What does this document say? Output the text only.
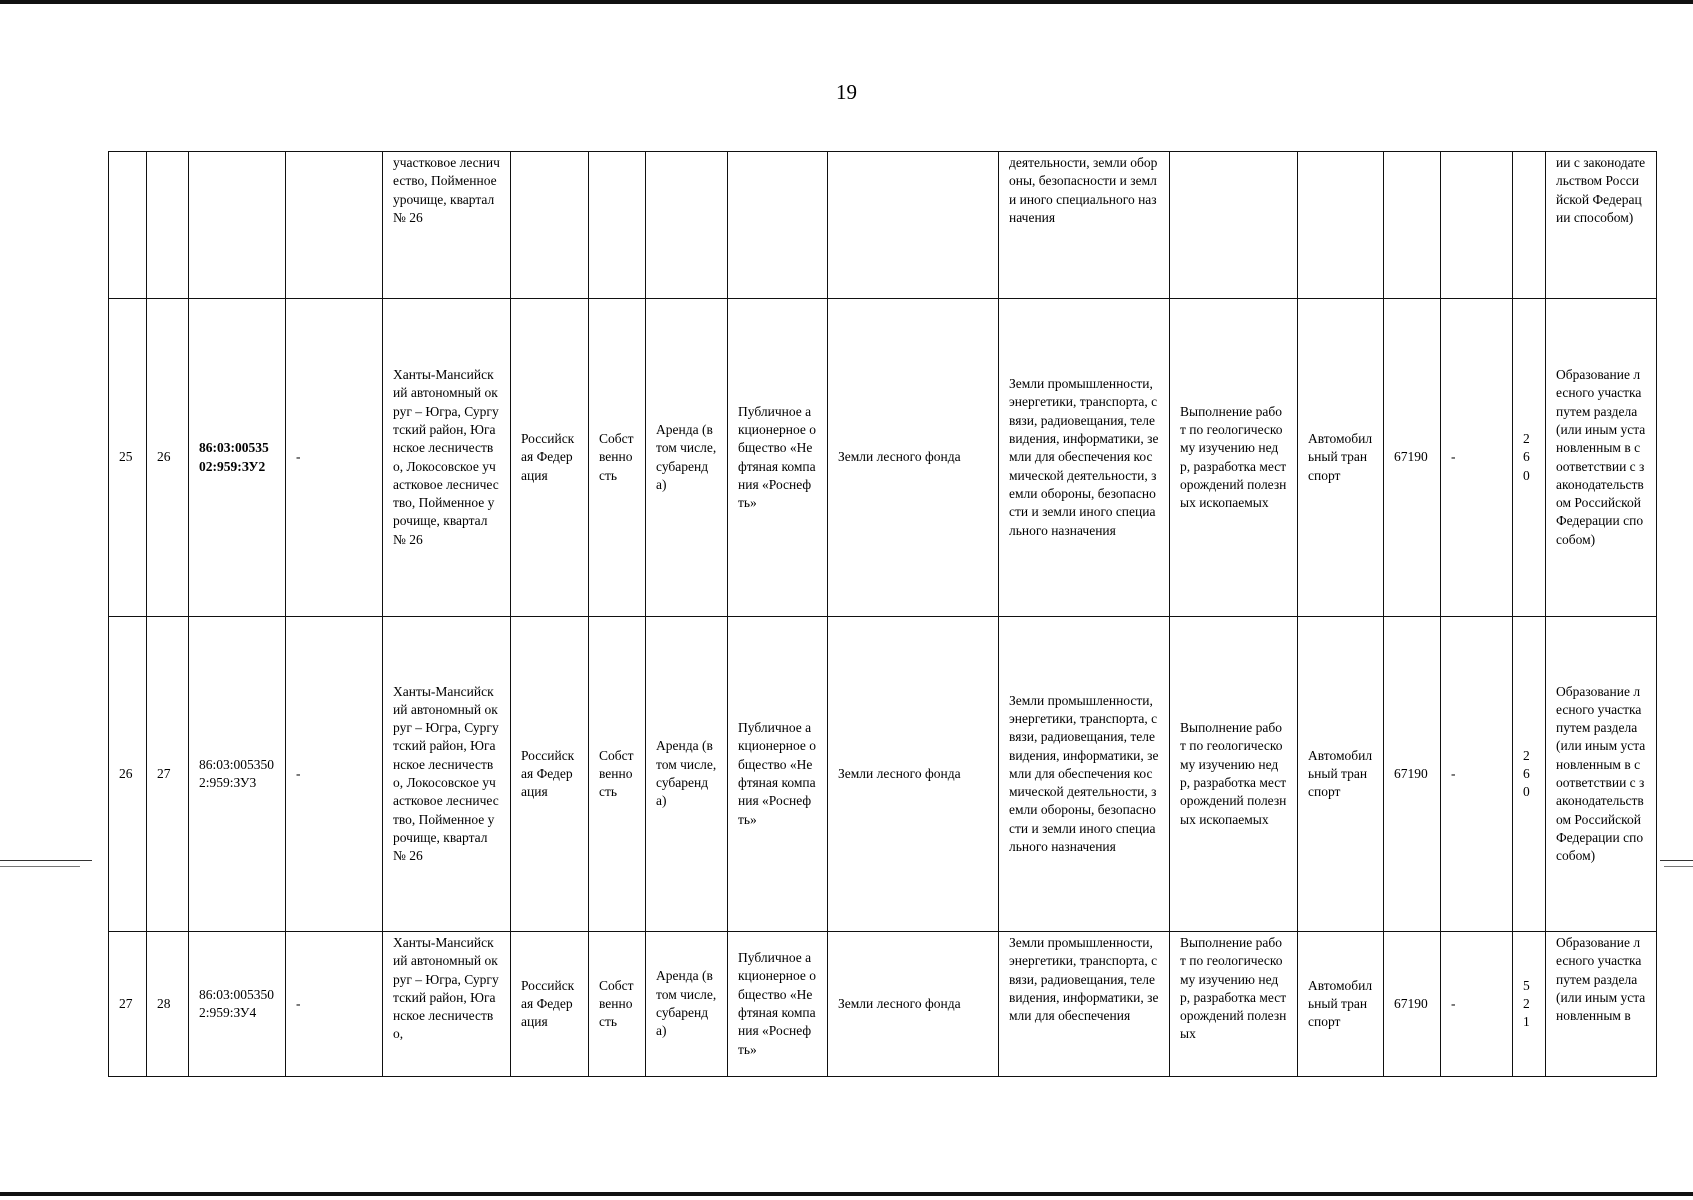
19
				участковое лесничество, Пойменное урочище, квартал № 26						деятельности, земли обороны, безопасности и земли иного специального назначения						ии с законодательством Российской Федерации способом)
25	26	86:03:0053502:959:ЗУ2	-	Ханты-Мансийский автономный округ – Югра, Сургутский район, Юганское лесничество, Локосовское участковое лесничество, Пойменное урочище, квартал № 26	Российская Федерация	Собственность	Аренда (в том числе, субаренда)	Публичное акционерное общество «Нефтяная компания «Роснефть»	Земли лесного фонда	Земли промышленности, энергетики, транспорта, связи, радиовещания, телевидения, информатики, земли для обеспечения космической деятельности, земли обороны, безопасности и земли иного специального назначения	Выполнение работ по геологическому изучению недр, разработка месторождений полезных ископаемых	Автомобильный транспорт	67190	-	260	Образование лесного участка путем раздела (или иным установленным в соответствии с законодательством Российской Федерации способом)
26	27	86:03:0053502:959:ЗУ3	-	Ханты-Мансийский автономный округ – Югра, Сургутский район, Юганское лесничество, Локосовское участковое лесничество, Пойменное урочище, квартал № 26	Российская Федерация	Собственность	Аренда (в том числе, субаренда)	Публичное акционерное общество «Нефтяная компания «Роснефть»	Земли лесного фонда	Земли промышленности, энергетики, транспорта, связи, радиовещания, телевидения, информатики, земли для обеспечения космической деятельности, земли обороны, безопасности и земли иного специального назначения	Выполнение работ по геологическому изучению недр, разработка месторождений полезных ископаемых	Автомобильный транспорт	67190	-	260	Образование лесного участка путем раздела (или иным установленным в соответствии с законодательством Российской Федерации способом)
27	28	86:03:0053502:959:ЗУ4	-	Ханты-Мансийский автономный округ – Югра, Сургутский район, Юганское лесничество,	Российская Федерация	Собственность	Аренда (в том числе, субаренда)	Публичное акционерное общество «Нефтяная компания «Роснефть»	Земли лесного фонда	Земли промышленности, энергетики, транспорта, связи, радиовещания, телевидения, информатики, земли для обеспечения	Выполнение работ по геологическому изучению недр, разработка месторождений полезных	Автомобильный транспорт	67190	-	521	Образование лесного участка путем раздела (или иным установленным в
